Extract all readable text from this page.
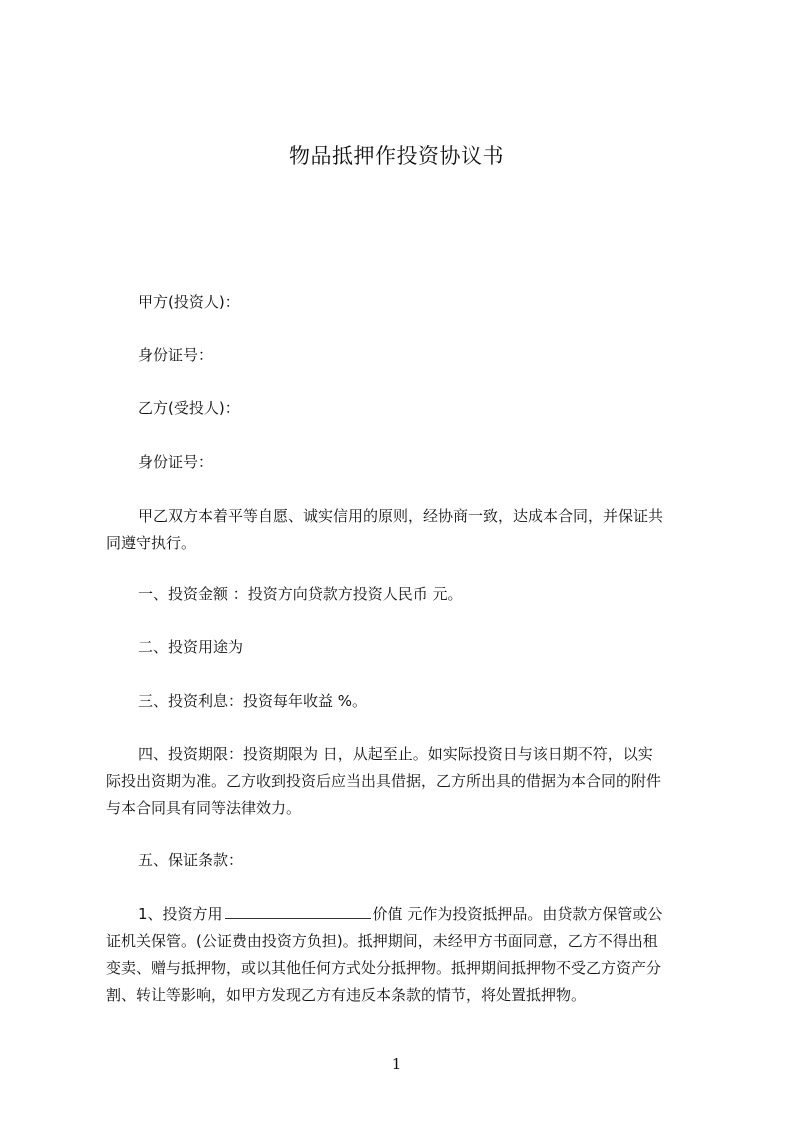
物品抵押作投资协议书
甲方(投资人)：
身份证号：
乙方(受投人)：
身份证号：
甲乙双方本着平等自愿、诚实信用的原则，经协商一致，达成本合同，并保证共
同遵守执行。
一、投资金额 ：投资方向贷款方投资人民币 元。
二、投资用途为
三、投资利息：投资每年收益 %。
四、投资期限：投资期限为 日，从起至止。如实际投资日与该日期不符，以实
际投出资期为准。乙方收到投资后应当出具借据，乙方所出具的借据为本合同的附件
与本合同具有同等法律效力。
五、保证条款：
1、投资方用	价值 元作为投资抵押品。由贷款方保管或公
证机关保管。(公证费由投资方负担)。抵押期间，未经甲方书面同意，乙方不得出租
变卖、赠与抵押物，或以其他任何方式处分抵押物。抵押期间抵押物不受乙方资产分
割、转让等影响，如甲方发现乙方有违反本条款的情节，将处置抵押物。
1
